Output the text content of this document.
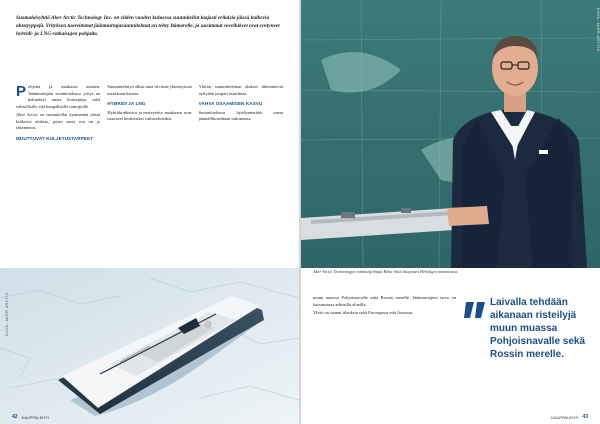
Suomalaisyhtiö Aker Arctic Technology Inc. on viiden vuoden kuluessa suunnitellut laajasti erilaisia jäissä kulkevia alustyyppejä. Yrityksen tuoreimmat jäänmurtajasuunnitelmat on tehty Itämerelle, ja uusimmat sovellukset ovat syntyneet hybridi- ja LNG-ratkaisujen pohjalta.

Pohjetta ja asiakasta auttaen. Jäänmurtajien suunnittelussa yritys on kehittänyt uusia konsepteja sekä valtiollisille että kaupallisille toimijoille.

Aker Arctic on suunnitellut kymmeniä jäissä kulkevia aluksia, joista suuri osa on jo rakennettu.

MUUTTUVAT KULJETUSTARPEET

Suunnittelutyö alkaa aina tiiviissä yhteistyössä asiakkaan kanssa.

HYBRIDI JA LNG

Hybridiratkaisut ja nesteytetty maakaasu ovat nousseet keskeisiksi vaihtoehdoiksi.

Yhtiön suunnittelemat alukset liikennöivät nykyään ympäri maailmaa.

VAHVA OSAAMISEN KASVU

Suunnittelussa hyödynnetään omaa jäämallikoealtaan tutkimusta.

KUVA: AKER ARCTIC
42 KAUPPALEHTI
KUVA: AKER ARCTIC
Aker Arctic Technologyn toimitusjohtaja Reko-Antti Suojanen Helsingin toimistossa.

muun muassa Pohjoisnavalle sekä Rossin merelle. Jäänmurtajien tarve on kasvamassa arktisilla alueilla.

Yhtiö on saanut tilauksia sekä Euroopasta että Aasiasta.

Laivalla tehdään aikanaan risteilyjä muun muassa Pohjoisnavalle sekä Rossin merelle.
KAUPPALEHTI 43
